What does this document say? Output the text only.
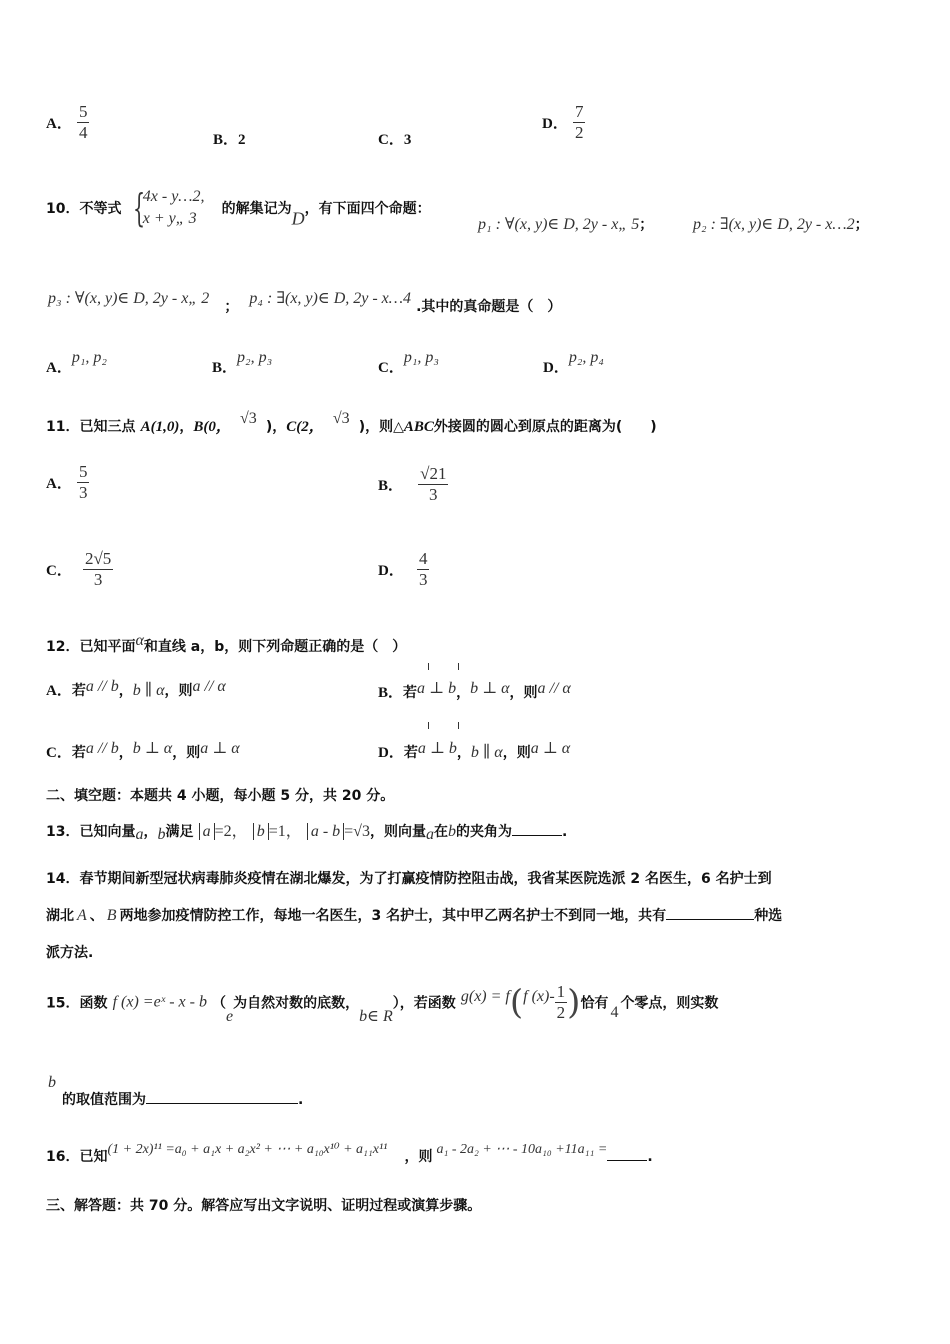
A． $\frac{5}{4}$	B．2	C．3
D． $\frac{7}{2}$
10．不等式 {
4x - y…2,
x + y„ 3
的解集记为D，有下面四个命题：
p₁ : ∀(x, y)∈ D, 2y - x„ 5； p₂ : ∃(x, y)∈ D, 2y - x…2；
p₃ : ∀(x, y)∈ D, 2y - x„ 2 ； p₄ : ∃(x, y)∈ D, 2y - x…4 .其中的真命题是（　）
A．p₁, p₂
B．p₂, p₃
C．p₁, p₃
D．p₂, p₄
11．已知三点 A(1,0)，B(0， √3 )，C(2， √3 )，则△ABC外接圆的圆心到原点的距离为(　　)
A． $\frac{5}{3}$	B． $\frac{√21}{3}$
C． $\frac{2√5}{3}$	D． $\frac{4}{3}$
12．已知平面α和直线 a，b，则下列命题正确的是（　）
A．若a // b，b ∥ α，则a // α	B．若a ⊥ b，b ⊥ α，则a // α
C．若a // b，b ⊥ α，则a ⊥ α	D．若a ⊥ b，b ∥ α，则a ⊥ α
二、填空题：本题共 4 小题，每小题 5 分，共 20 分。
13．已知向量a，b满足 a =2， b =1， a - b =√3，则向量a在b的夹角为	.
14．春节期间新型冠状病毒肺炎疫情在湖北爆发，为了打赢疫情防控阻击战，我省某医院选派 2 名医生，6 名护士到
湖北 A 、 B 两地参加疫情防控工作，每地一名医生，3 名护士，其中甲乙两名护士不到同一地，共有	种选
派方法.
15．函数 f (x) =eˣ - x - b （e为自然对数的底数，b∈ R），若函数 g(x) = f(f $(x)- \frac{1}{2}$ )恰有4个零点，则实数
b
的取值范围为	.
16．已知(1 + 2x)¹¹ =a₀ + a₁x + a₂x² + ⋯ + a₁₀x¹⁰ + a₁₁x¹¹ ，则 a₁ - 2a₂ + ⋯ - 10a₁₀ +11a₁₁ =	.
三、解答题：共 70 分。解答应写出文字说明、证明过程或演算步骤。
